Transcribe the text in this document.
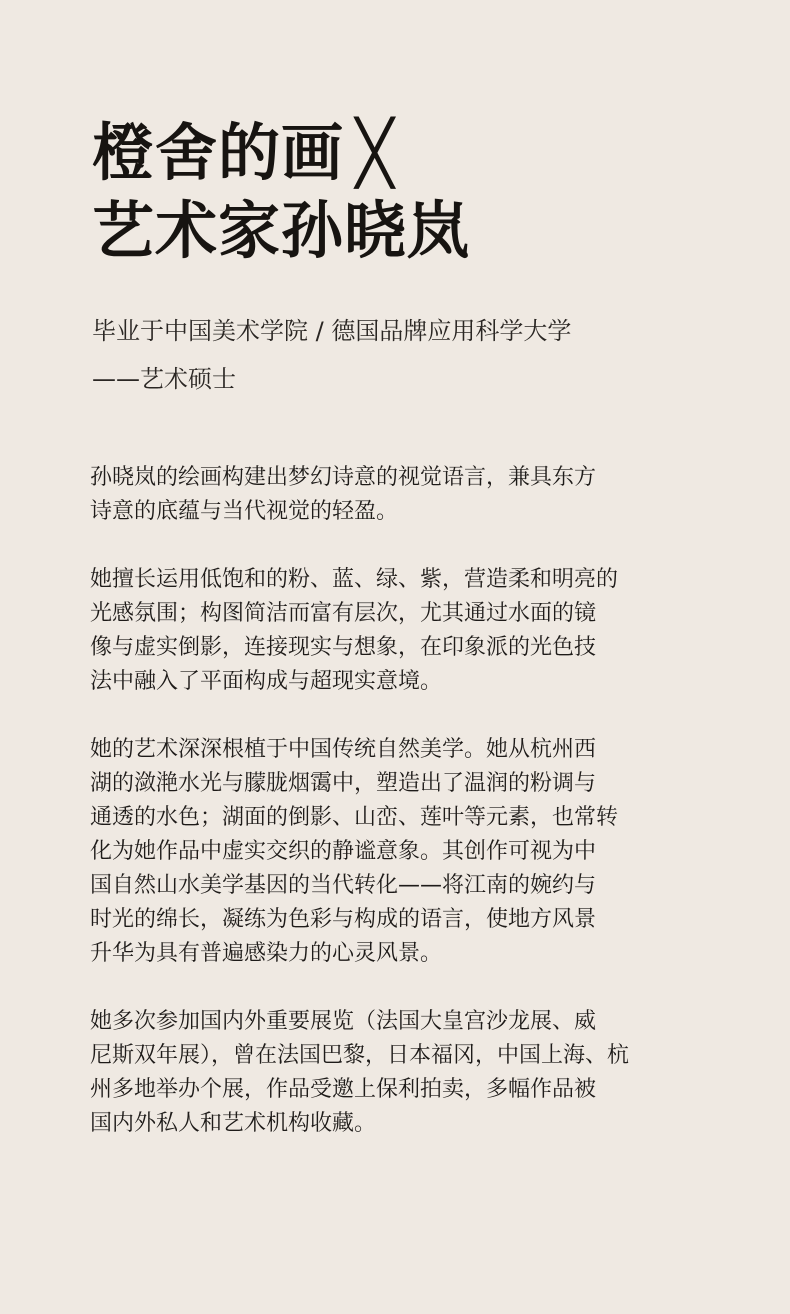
橙舍的画 ╳
艺术家孙晓岚
毕业于中国美术学院 / 德国品牌应用科学大学
——艺术硕士

孙晓岚的绘画构建出梦幻诗意的视觉语言，兼具东方
诗意的底蕴与当代视觉的轻盈。

她擅长运用低饱和的粉、蓝、绿、紫，营造柔和明亮的
光感氛围；构图简洁而富有层次，尤其通过水面的镜
像与虚实倒影，连接现实与想象，在印象派的光色技
法中融入了平面构成与超现实意境。

她的艺术深深根植于中国传统自然美学。她从杭州西
湖的潋滟水光与朦胧烟霭中，塑造出了温润的粉调与
通透的水色；湖面的倒影、山峦、莲叶等元素，也常转
化为她作品中虚实交织的静谧意象。其创作可视为中
国自然山水美学基因的当代转化——将江南的婉约与
时光的绵长，凝练为色彩与构成的语言，使地方风景
升华为具有普遍感染力的心灵风景。

她多次参加国内外重要展览（法国大皇宫沙龙展、威
尼斯双年展），曾在法国巴黎，日本福冈，中国上海、杭
州多地举办个展，作品受邀上保利拍卖，多幅作品被
国内外私人和艺术机构收藏。
